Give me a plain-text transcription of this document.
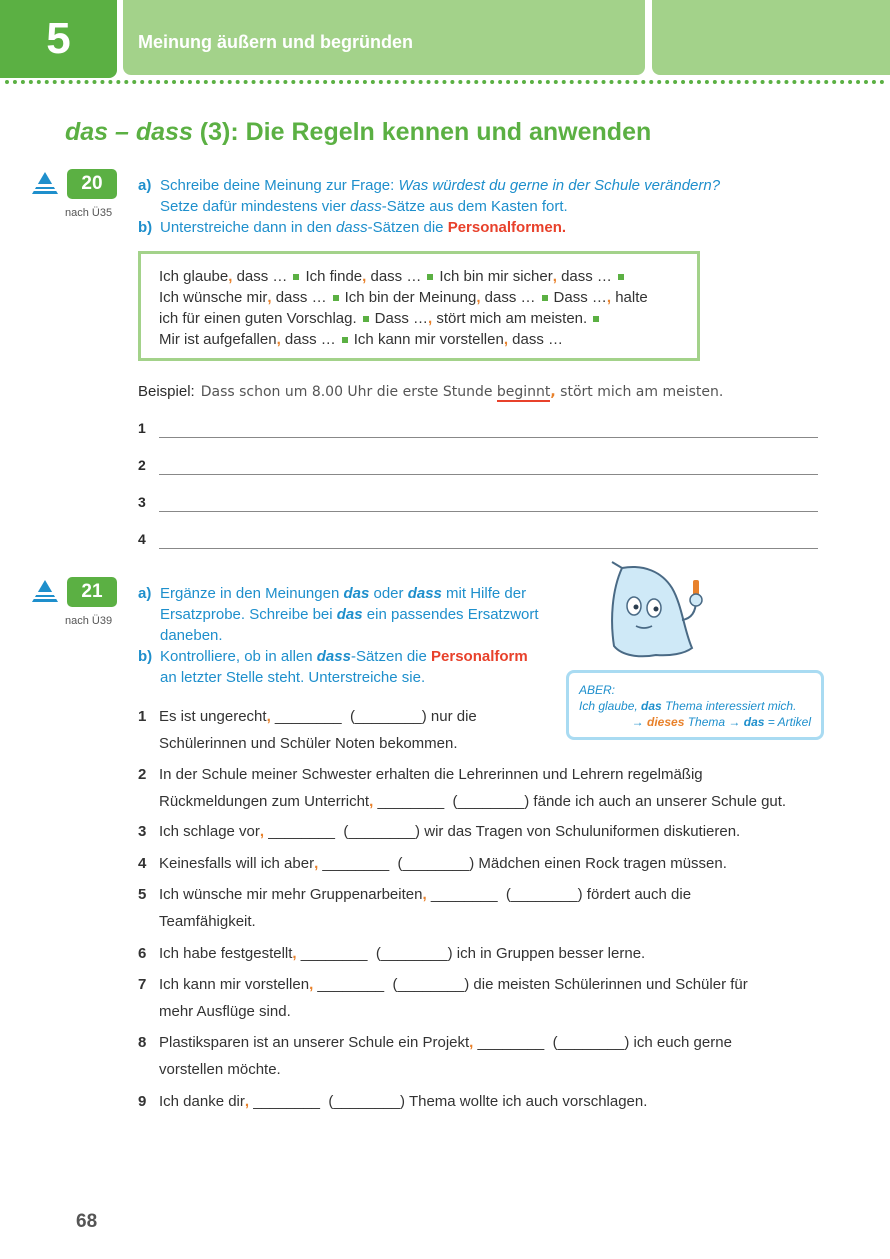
5	Meinung äußern und begründen
das – dass (3): Die Regeln kennen und anwenden
20
nach Ü35
a) Schreibe deine Meinung zur Frage: Was würdest du gerne in der Schule verändern?
Setze dafür mindestens vier dass-Sätze aus dem Kasten fort.
b) Unterstreiche dann in den dass-Sätzen die Personalformen.
Ich glaube, dass … Ich finde, dass … Ich bin mir sicher, dass …
Ich wünsche mir, dass … Ich bin der Meinung, dass … Dass …, halte
ich für einen guten Vorschlag. Dass …, stört mich am meisten.
Mir ist aufgefallen, dass … Ich kann mir vorstellen, dass …
Beispiel: Dass schon um 8.00 Uhr die erste Stunde beginnt, stört mich am meisten.
1
2
3
4
21
nach Ü39
a) Ergänze in den Meinungen das oder dass mit Hilfe der
Ersatzprobe. Schreibe bei das ein passendes Ersatzwort
daneben.
b) Kontrolliere, ob in allen dass-Sätzen die Personalform
an letzter Stelle steht. Unterstreiche sie.
ABER:
Ich glaube, das Thema interessiert mich.
→ dieses Thema → das = Artikel
1 Es ist ungerecht, ________ (________) nur die
Schülerinnen und Schüler Noten bekommen.
2 In der Schule meiner Schwester erhalten die Lehrerinnen und Lehrern regelmäßig
Rückmeldungen zum Unterricht, ________ (________) fände ich auch an unserer Schule gut.
3 Ich schlage vor, ________ (________) wir das Tragen von Schuluniformen diskutieren.
4 Keinesfalls will ich aber, ________ (________) Mädchen einen Rock tragen müssen.
5 Ich wünsche mir mehr Gruppenarbeiten, ________ (________) fördert auch die
Teamfähigkeit.
6 Ich habe festgestellt, ________ (________) ich in Gruppen besser lerne.
7 Ich kann mir vorstellen, ________ (________) die meisten Schülerinnen und Schüler für
mehr Ausflüge sind.
8 Plastiksparen ist an unserer Schule ein Projekt, ________ (________) ich euch gerne
vorstellen möchte.
9 Ich danke dir, ________ (________) Thema wollte ich auch vorschlagen.
68
